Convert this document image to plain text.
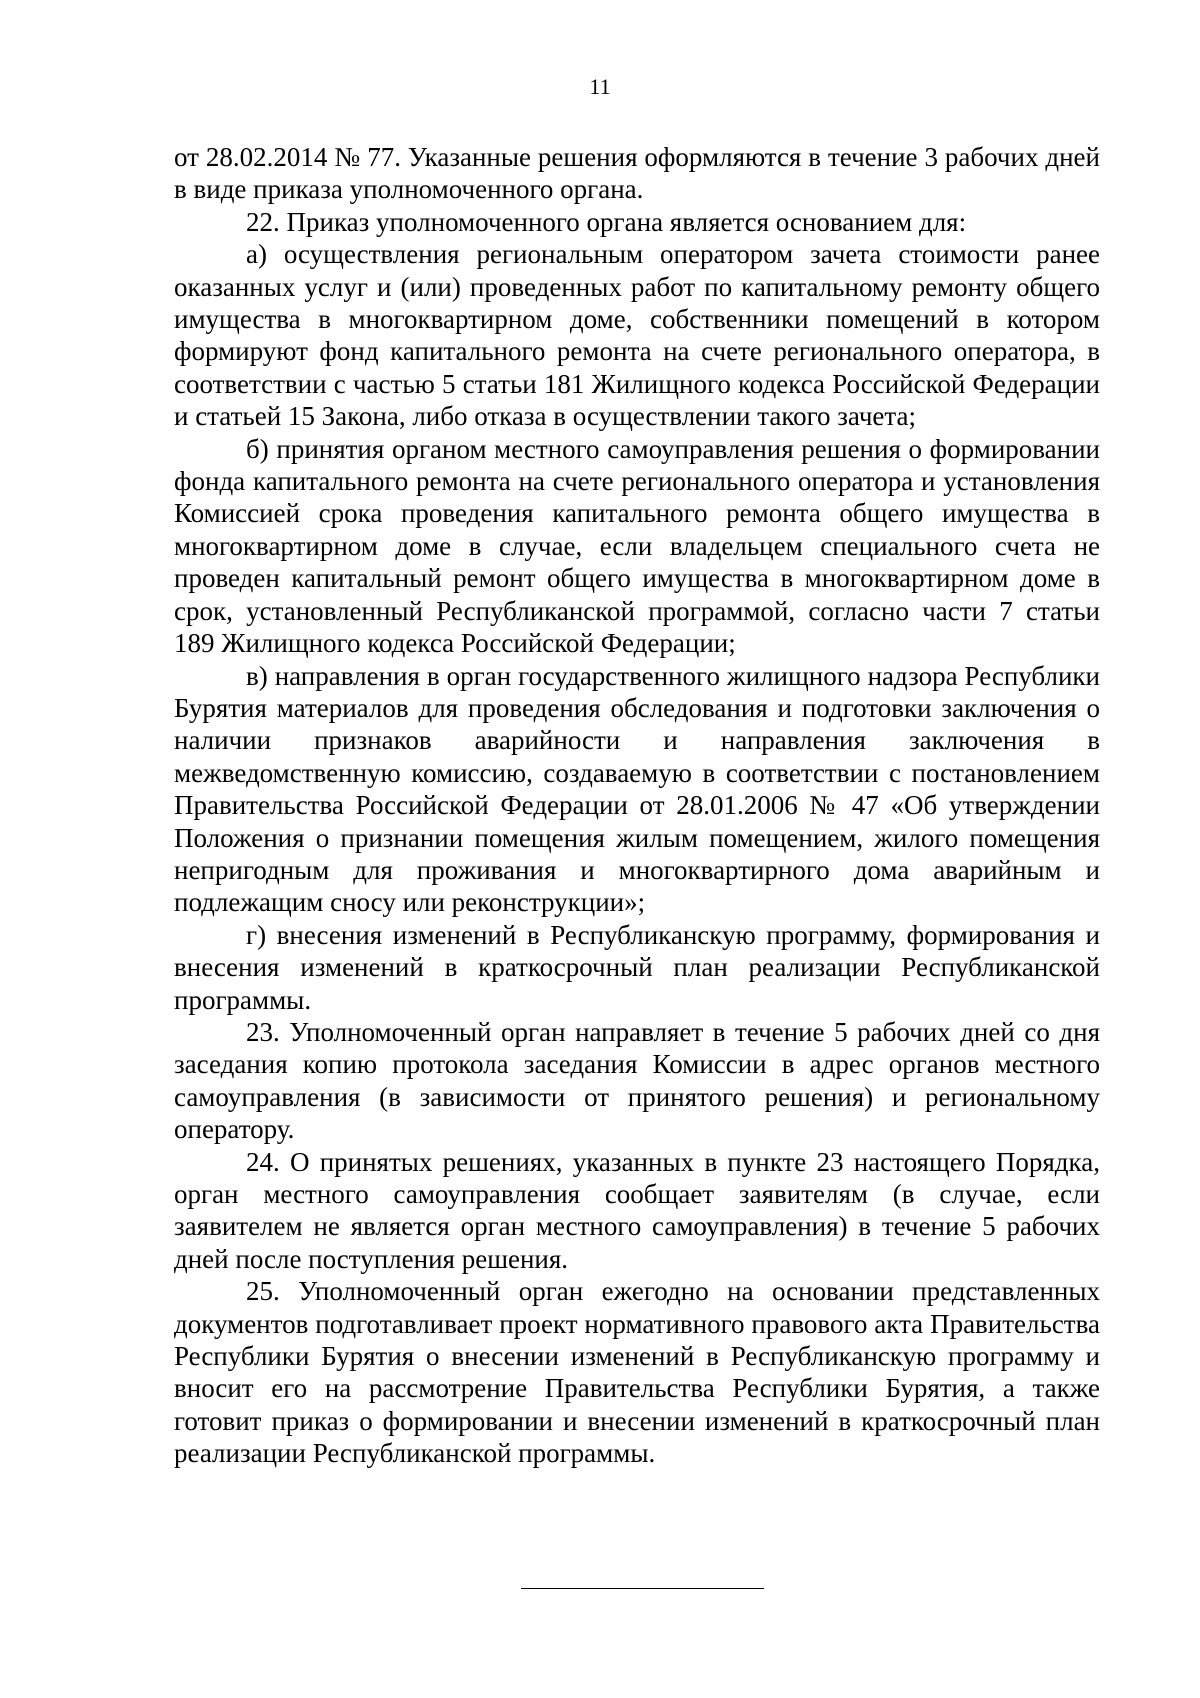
11

от 28.02.2014 № 77. Указанные решения оформляются в течение 3 рабочих дней в виде приказа уполномоченного органа.

22. Приказ уполномоченного органа является основанием для:

а) осуществления региональным оператором зачета стоимости ранее оказанных услуг и (или) проведенных работ по капитальному ремонту общего имущества в многоквартирном доме, собственники помещений в котором формируют фонд капитального ремонта на счете регионального оператора, в соответствии с частью 5 статьи 181 Жилищного кодекса Российской Федерации и статьей 15 Закона, либо отказа в осуществлении такого зачета;

б) принятия органом местного самоуправления решения о формировании фонда капитального ремонта на счете регионального оператора и установления Комиссией срока проведения капитального ремонта общего имущества в многоквартирном доме в случае, если владельцем специального счета не проведен капитальный ремонт общего имущества в многоквартирном доме в срок, установленный Республиканской программой, согласно части 7 статьи 189 Жилищного кодекса Российской Федерации;

в) направления в орган государственного жилищного надзора Республики Бурятия материалов для проведения обследования и подготовки заключения о наличии признаков аварийности и направления заключения в межведомственную комиссию, создаваемую в соответствии с постановлением Правительства Российской Федерации от 28.01.2006 № 47 «Об утверждении Положения о признании помещения жилым помещением, жилого помещения непригодным для проживания и многоквартирного дома аварийным и подлежащим сносу или реконструкции»;

г) внесения изменений в Республиканскую программу, формирования и внесения изменений в краткосрочный план реализации Республиканской программы.

23. Уполномоченный орган направляет в течение 5 рабочих дней со дня заседания копию протокола заседания Комиссии в адрес органов местного самоуправления (в зависимости от принятого решения) и региональному оператору.

24. О принятых решениях, указанных в пункте 23 настоящего Порядка, орган местного самоуправления сообщает заявителям (в случае, если заявителем не является орган местного самоуправления) в течение 5 рабочих дней после поступления решения.

25. Уполномоченный орган ежегодно на основании представленных документов подготавливает проект нормативного правового акта Правительства Республики Бурятия о внесении изменений в Республиканскую программу и вносит его на рассмотрение Правительства Республики Бурятия, а также готовит приказ о формировании и внесении изменений в краткосрочный план реализации Республиканской программы.
